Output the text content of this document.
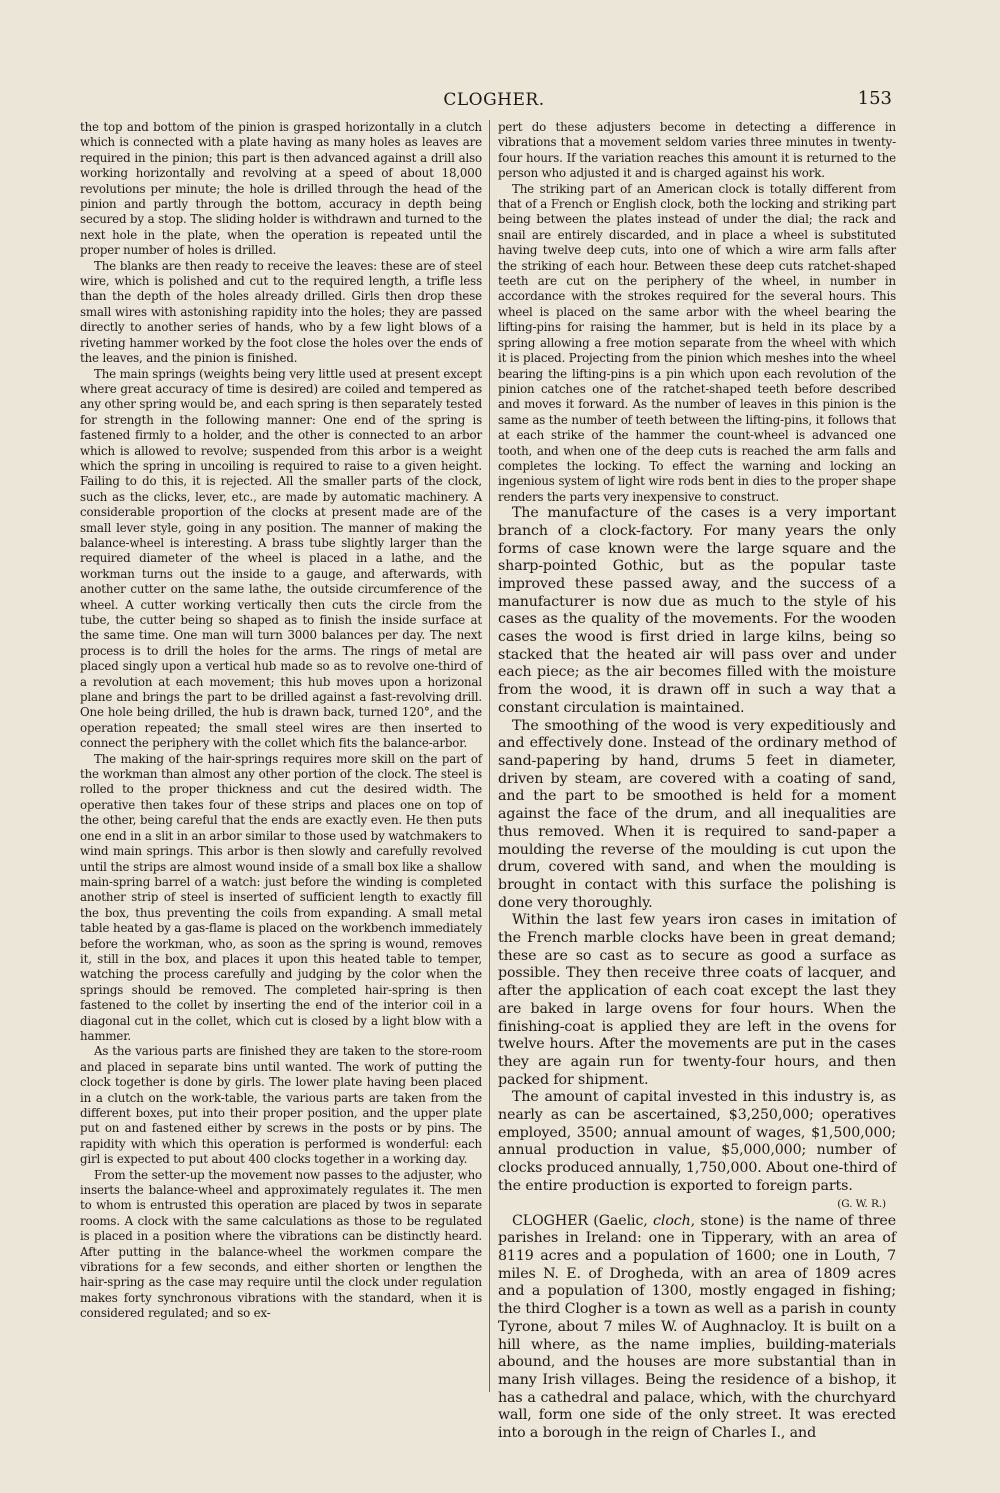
CLOGHER.	153

the top and bottom of the pinion is grasped horizontally in a clutch which is connected with a plate having as many holes as leaves are required in the pinion; this part is then advanced against a drill also working horizontally and revolving at a speed of about 18,000 revolutions per minute; the hole is drilled through the head of the pinion and partly through the bottom, accuracy in depth being secured by a stop. The sliding holder is withdrawn and turned to the next hole in the plate, when the operation is repeated until the proper number of holes is drilled.

The blanks are then ready to receive the leaves: these are of steel wire, which is polished and cut to the required length, a trifle less than the depth of the holes already drilled. Girls then drop these small wires with astonishing rapidity into the holes; they are passed directly to another series of hands, who by a few light blows of a riveting hammer worked by the foot close the holes over the ends of the leaves, and the pinion is finished.

The main springs (weights being very little used at present except where great accuracy of time is desired) are coiled and tempered as any other spring would be, and each spring is then separately tested for strength in the following manner: One end of the spring is fastened firmly to a holder, and the other is connected to an arbor which is allowed to revolve; suspended from this arbor is a weight which the spring in uncoiling is required to raise to a given height. Failing to do this, it is rejected. All the smaller parts of the clock, such as the clicks, lever, etc., are made by automatic machinery. A considerable proportion of the clocks at present made are of the small lever style, going in any position. The manner of making the balance-wheel is interesting. A brass tube slightly larger than the required diameter of the wheel is placed in a lathe, and the workman turns out the inside to a gauge, and afterwards, with another cutter on the same lathe, the outside circumference of the wheel. A cutter working vertically then cuts the circle from the tube, the cutter being so shaped as to finish the inside surface at the same time. One man will turn 3000 balances per day. The next process is to drill the holes for the arms. The rings of metal are placed singly upon a vertical hub made so as to revolve one-third of a revolution at each movement; this hub moves upon a horizonal plane and brings the part to be drilled against a fast-revolving drill. One hole being drilled, the hub is drawn back, turned 120°, and the operation repeated; the small steel wires are then inserted to connect the periphery with the collet which fits the balance-arbor.

The making of the hair-springs requires more skill on the part of the workman than almost any other portion of the clock. The steel is rolled to the proper thickness and cut the desired width. The operative then takes four of these strips and places one on top of the other, being careful that the ends are exactly even. He then puts one end in a slit in an arbor similar to those used by watchmakers to wind main springs. This arbor is then slowly and carefully revolved until the strips are almost wound inside of a small box like a shallow main-spring barrel of a watch: just before the winding is completed another strip of steel is inserted of sufficient length to exactly fill the box, thus preventing the coils from expanding. A small metal table heated by a gas-flame is placed on the workbench immediately before the workman, who, as soon as the spring is wound, removes it, still in the box, and places it upon this heated table to temper, watching the process carefully and judging by the color when the springs should be removed. The completed hair-spring is then fastened to the collet by inserting the end of the interior coil in a diagonal cut in the collet, which cut is closed by a light blow with a hammer.

As the various parts are finished they are taken to the store-room and placed in separate bins until wanted. The work of putting the clock together is done by girls. The lower plate having been placed in a clutch on the work-table, the various parts are taken from the different boxes, put into their proper position, and the upper plate put on and fastened either by screws in the posts or by pins. The rapidity with which this operation is performed is wonderful: each girl is expected to put about 400 clocks together in a working day.

From the setter-up the movement now passes to the adjuster, who inserts the balance-wheel and approximately regulates it. The men to whom is entrusted this operation are placed by twos in separate rooms. A clock with the same calculations as those to be regulated is placed in a position where the vibrations can be distinctly heard. After putting in the balance-wheel the workmen compare the vibrations for a few seconds, and either shorten or lengthen the hair-spring as the case may require until the clock under regulation makes forty synchronous vibrations with the standard, when it is considered regulated; and so ex-

pert do these adjusters become in detecting a difference in vibrations that a movement seldom varies three minutes in twenty-four hours. If the variation reaches this amount it is returned to the person who adjusted it and is charged against his work.

The striking part of an American clock is totally different from that of a French or English clock, both the locking and striking part being between the plates instead of under the dial; the rack and snail are entirely discarded, and in place a wheel is substituted having twelve deep cuts, into one of which a wire arm falls after the striking of each hour. Between these deep cuts ratchet-shaped teeth are cut on the periphery of the wheel, in number in accordance with the strokes required for the several hours. This wheel is placed on the same arbor with the wheel bearing the lifting-pins for raising the hammer, but is held in its place by a spring allowing a free motion separate from the wheel with which it is placed. Projecting from the pinion which meshes into the wheel bearing the lifting-pins is a pin which upon each revolution of the pinion catches one of the ratchet-shaped teeth before described and moves it forward. As the number of leaves in this pinion is the same as the number of teeth between the lifting-pins, it follows that at each strike of the hammer the count-wheel is advanced one tooth, and when one of the deep cuts is reached the arm falls and completes the locking. To effect the warning and locking an ingenious system of light wire rods bent in dies to the proper shape renders the parts very inexpensive to construct.

The manufacture of the cases is a very important branch of a clock-factory. For many years the only forms of case known were the large square and the sharp-pointed Gothic, but as the popular taste improved these passed away, and the success of a manufacturer is now due as much to the style of his cases as the quality of the movements. For the wooden cases the wood is first dried in large kilns, being so stacked that the heated air will pass over and under each piece; as the air becomes filled with the moisture from the wood, it is drawn off in such a way that a constant circulation is maintained.

The smoothing of the wood is very expeditiously and and effectively done. Instead of the ordinary method of sand-papering by hand, drums 5 feet in diameter, driven by steam, are covered with a coating of sand, and the part to be smoothed is held for a moment against the face of the drum, and all inequalities are thus removed. When it is required to sand-paper a moulding the reverse of the moulding is cut upon the drum, covered with sand, and when the moulding is brought in contact with this surface the polishing is done very thoroughly.

Within the last few years iron cases in imitation of the French marble clocks have been in great demand; these are so cast as to secure as good a surface as possible. They then receive three coats of lacquer, and after the application of each coat except the last they are baked in large ovens for four hours. When the finishing-coat is applied they are left in the ovens for twelve hours. After the movements are put in the cases they are again run for twenty-four hours, and then packed for shipment.

The amount of capital invested in this industry is, as nearly as can be ascertained, $3,250,000; operatives employed, 3500; annual amount of wages, $1,500,000; annual production in value, $5,000,000; number of clocks produced annually, 1,750,000. About one-third of the entire production is exported to foreign parts.

(G. W. R.)

CLOGHER (Gaelic, cloch, stone) is the name of three parishes in Ireland: one in Tipperary, with an area of 8119 acres and a population of 1600; one in Louth, 7 miles N. E. of Drogheda, with an area of 1809 acres and a population of 1300, mostly engaged in fishing; the third Clogher is a town as well as a parish in county Tyrone, about 7 miles W. of Aughnacloy. It is built on a hill where, as the name implies, building-materials abound, and the houses are more substantial than in many Irish villages. Being the residence of a bishop, it has a cathedral and palace, which, with the churchyard wall, form one side of the only street. It was erected into a borough in the reign of Charles I., and
